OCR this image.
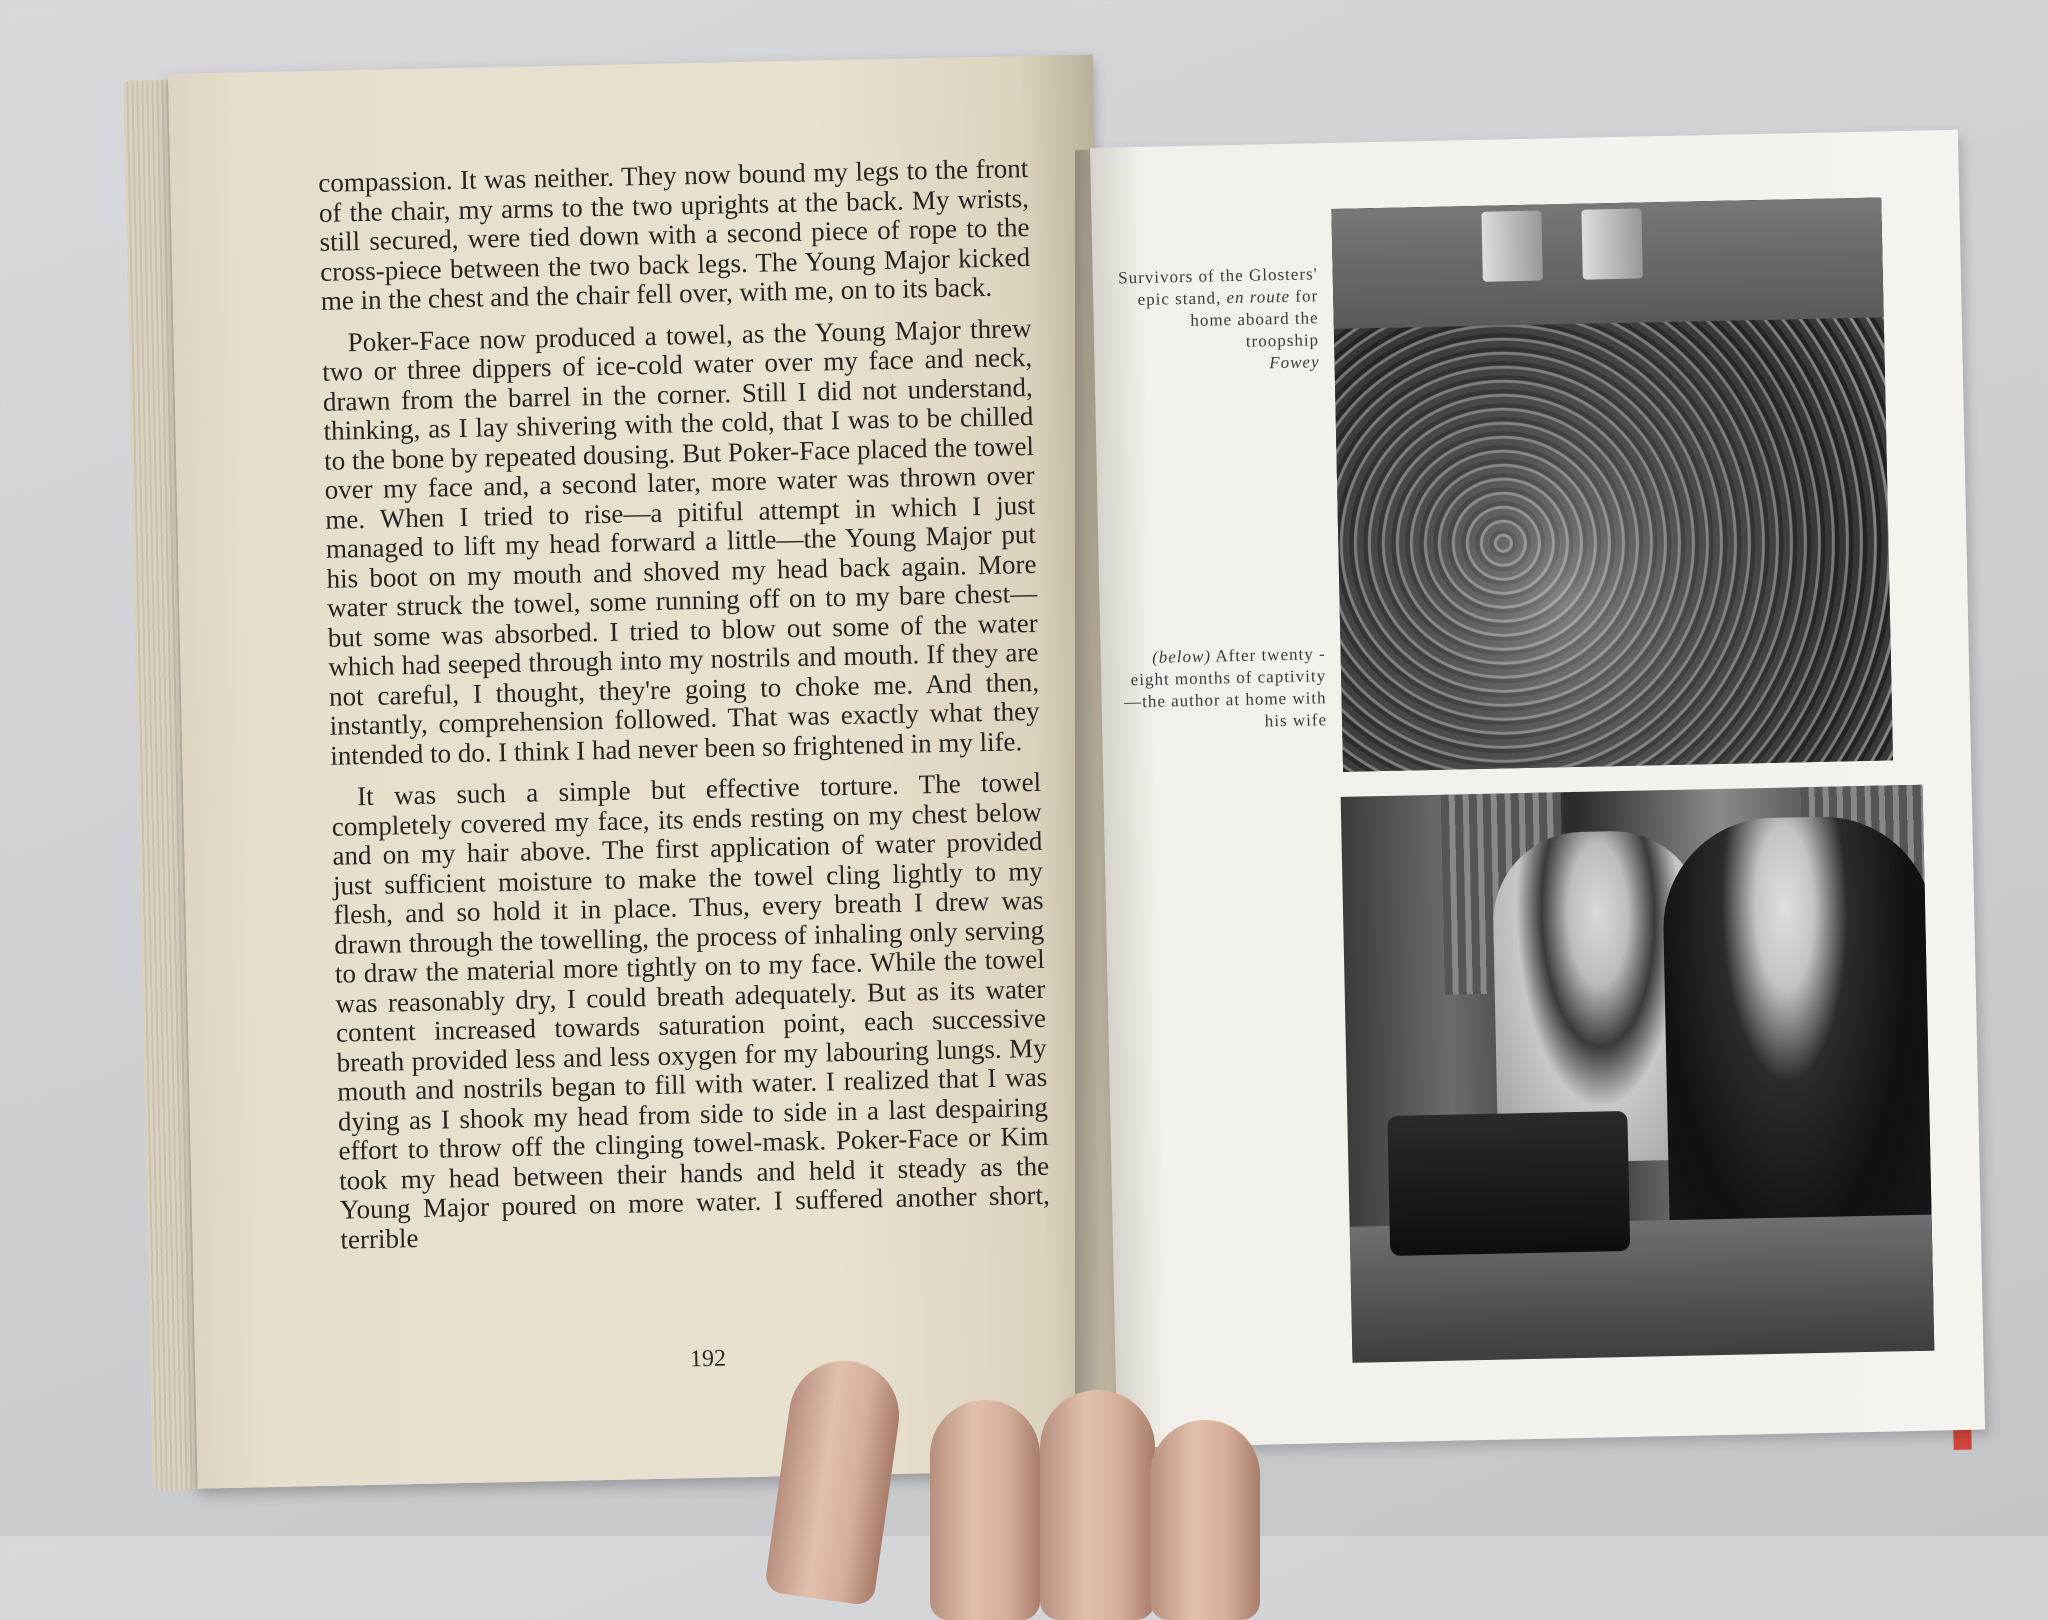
compassion. It was neither. They now bound my legs to the front of the chair, my arms to the two uprights at the back. My wrists, still secured, were tied down with a second piece of rope to the cross-piece between the two back legs. The Young Major kicked me in the chest and the chair fell over, with me, on to its back.

Poker-Face now produced a towel, as the Young Major threw two or three dippers of ice-cold water over my face and neck, drawn from the barrel in the corner. Still I did not understand, thinking, as I lay shivering with the cold, that I was to be chilled to the bone by repeated dousing. But Poker-Face placed the towel over my face and, a second later, more water was thrown over me. When I tried to rise—a pitiful attempt in which I just managed to lift my head forward a little—the Young Major put his boot on my mouth and shoved my head back again. More water struck the towel, some running off on to my bare chest—but some was absorbed. I tried to blow out some of the water which had seeped through into my nostrils and mouth. If they are not careful, I thought, they're going to choke me. And then, instantly, comprehension followed. That was exactly what they intended to do. I think I had never been so frightened in my life.

It was such a simple but effective torture. The towel completely covered my face, its ends resting on my chest below and on my hair above. The first application of water provided just sufficient moisture to make the towel cling lightly to my flesh, and so hold it in place. Thus, every breath I drew was drawn through the towelling, the process of inhaling only serving to draw the material more tightly on to my face. While the towel was reasonably dry, I could breath adequately. But as its water content increased towards saturation point, each successive breath provided less and less oxygen for my labouring lungs. My mouth and nostrils began to fill with water. I realized that I was dying as I shook my head from side to side in a last despairing effort to throw off the clinging towel-mask. Poker-Face or Kim took my head between their hands and held it steady as the Young Major poured on more water. I suffered another short, terrible

192
Survivors of the Glosters' epic stand, en route for home aboard the troopship
Fowey
(below) After twenty - eight months of captivity—the author at home with his wife
